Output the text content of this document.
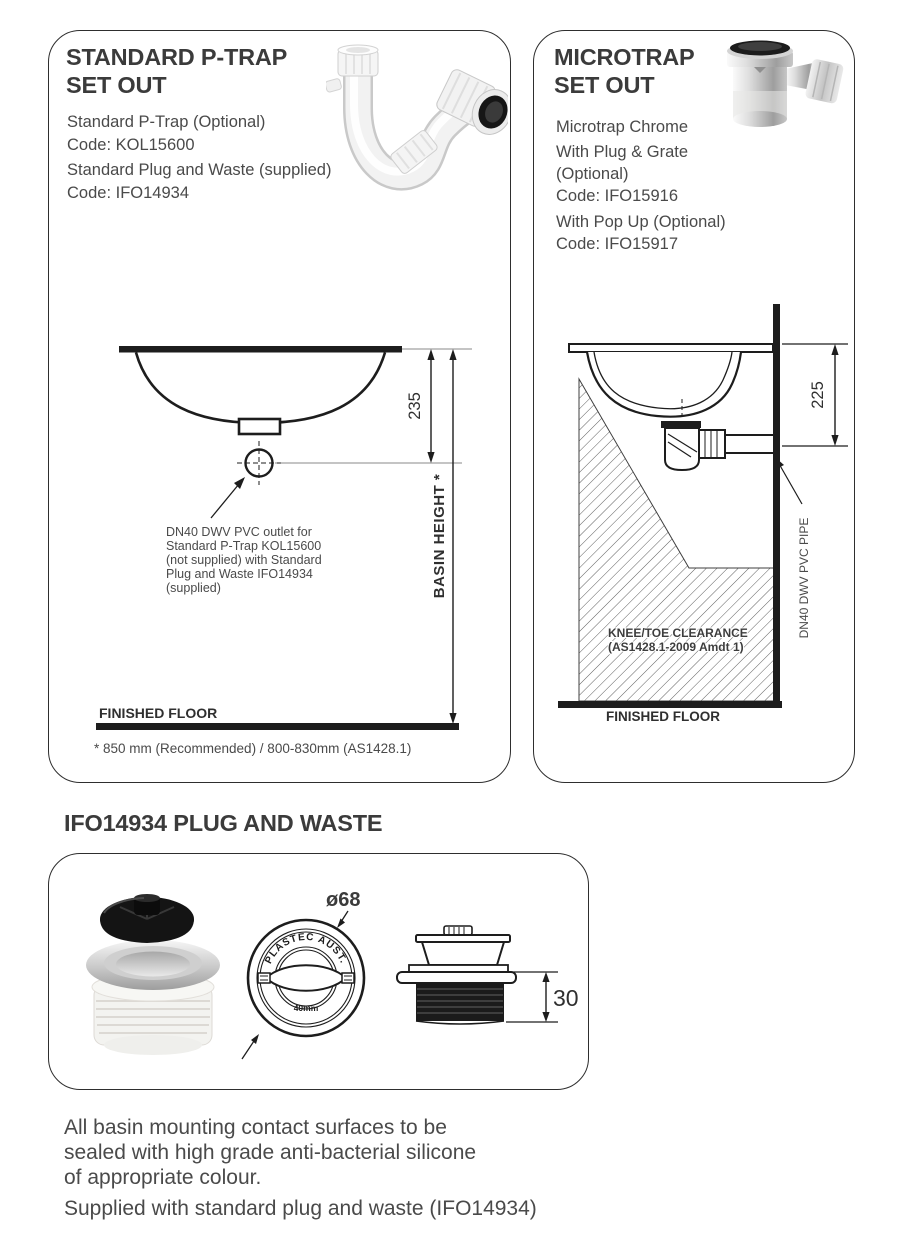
STANDARD P-TRAP
SET OUT
Standard P-Trap (Optional)
Code: KOL15600
Standard Plug and Waste (supplied)
Code: IFO14934
235
BASIN HEIGHT *
DN40 DWV PVC outlet for
Standard P-Trap KOL15600
(not supplied) with Standard
Plug and Waste IFO14934
(supplied)
FINISHED FLOOR
* 850 mm (Recommended) / 800-830mm (AS1428.1)
MICROTRAP
SET OUT
Microtrap Chrome
With Plug & Grate
(Optional)
Code: IFO15916
With Pop Up (Optional)
Code: IFO15917
225
DN40 DWV PVC PIPE
KNEE/TOE CLEARANCE
(AS1428.1-2009 Amdt 1)
FINISHED FLOOR
IFO14934 PLUG AND WASTE
PLASTEC AUST.
40mm
ø68
30
All basin mounting contact surfaces to be
sealed with high grade anti-bacterial silicone
of appropriate colour.
Supplied with standard plug and waste (IFO14934)
